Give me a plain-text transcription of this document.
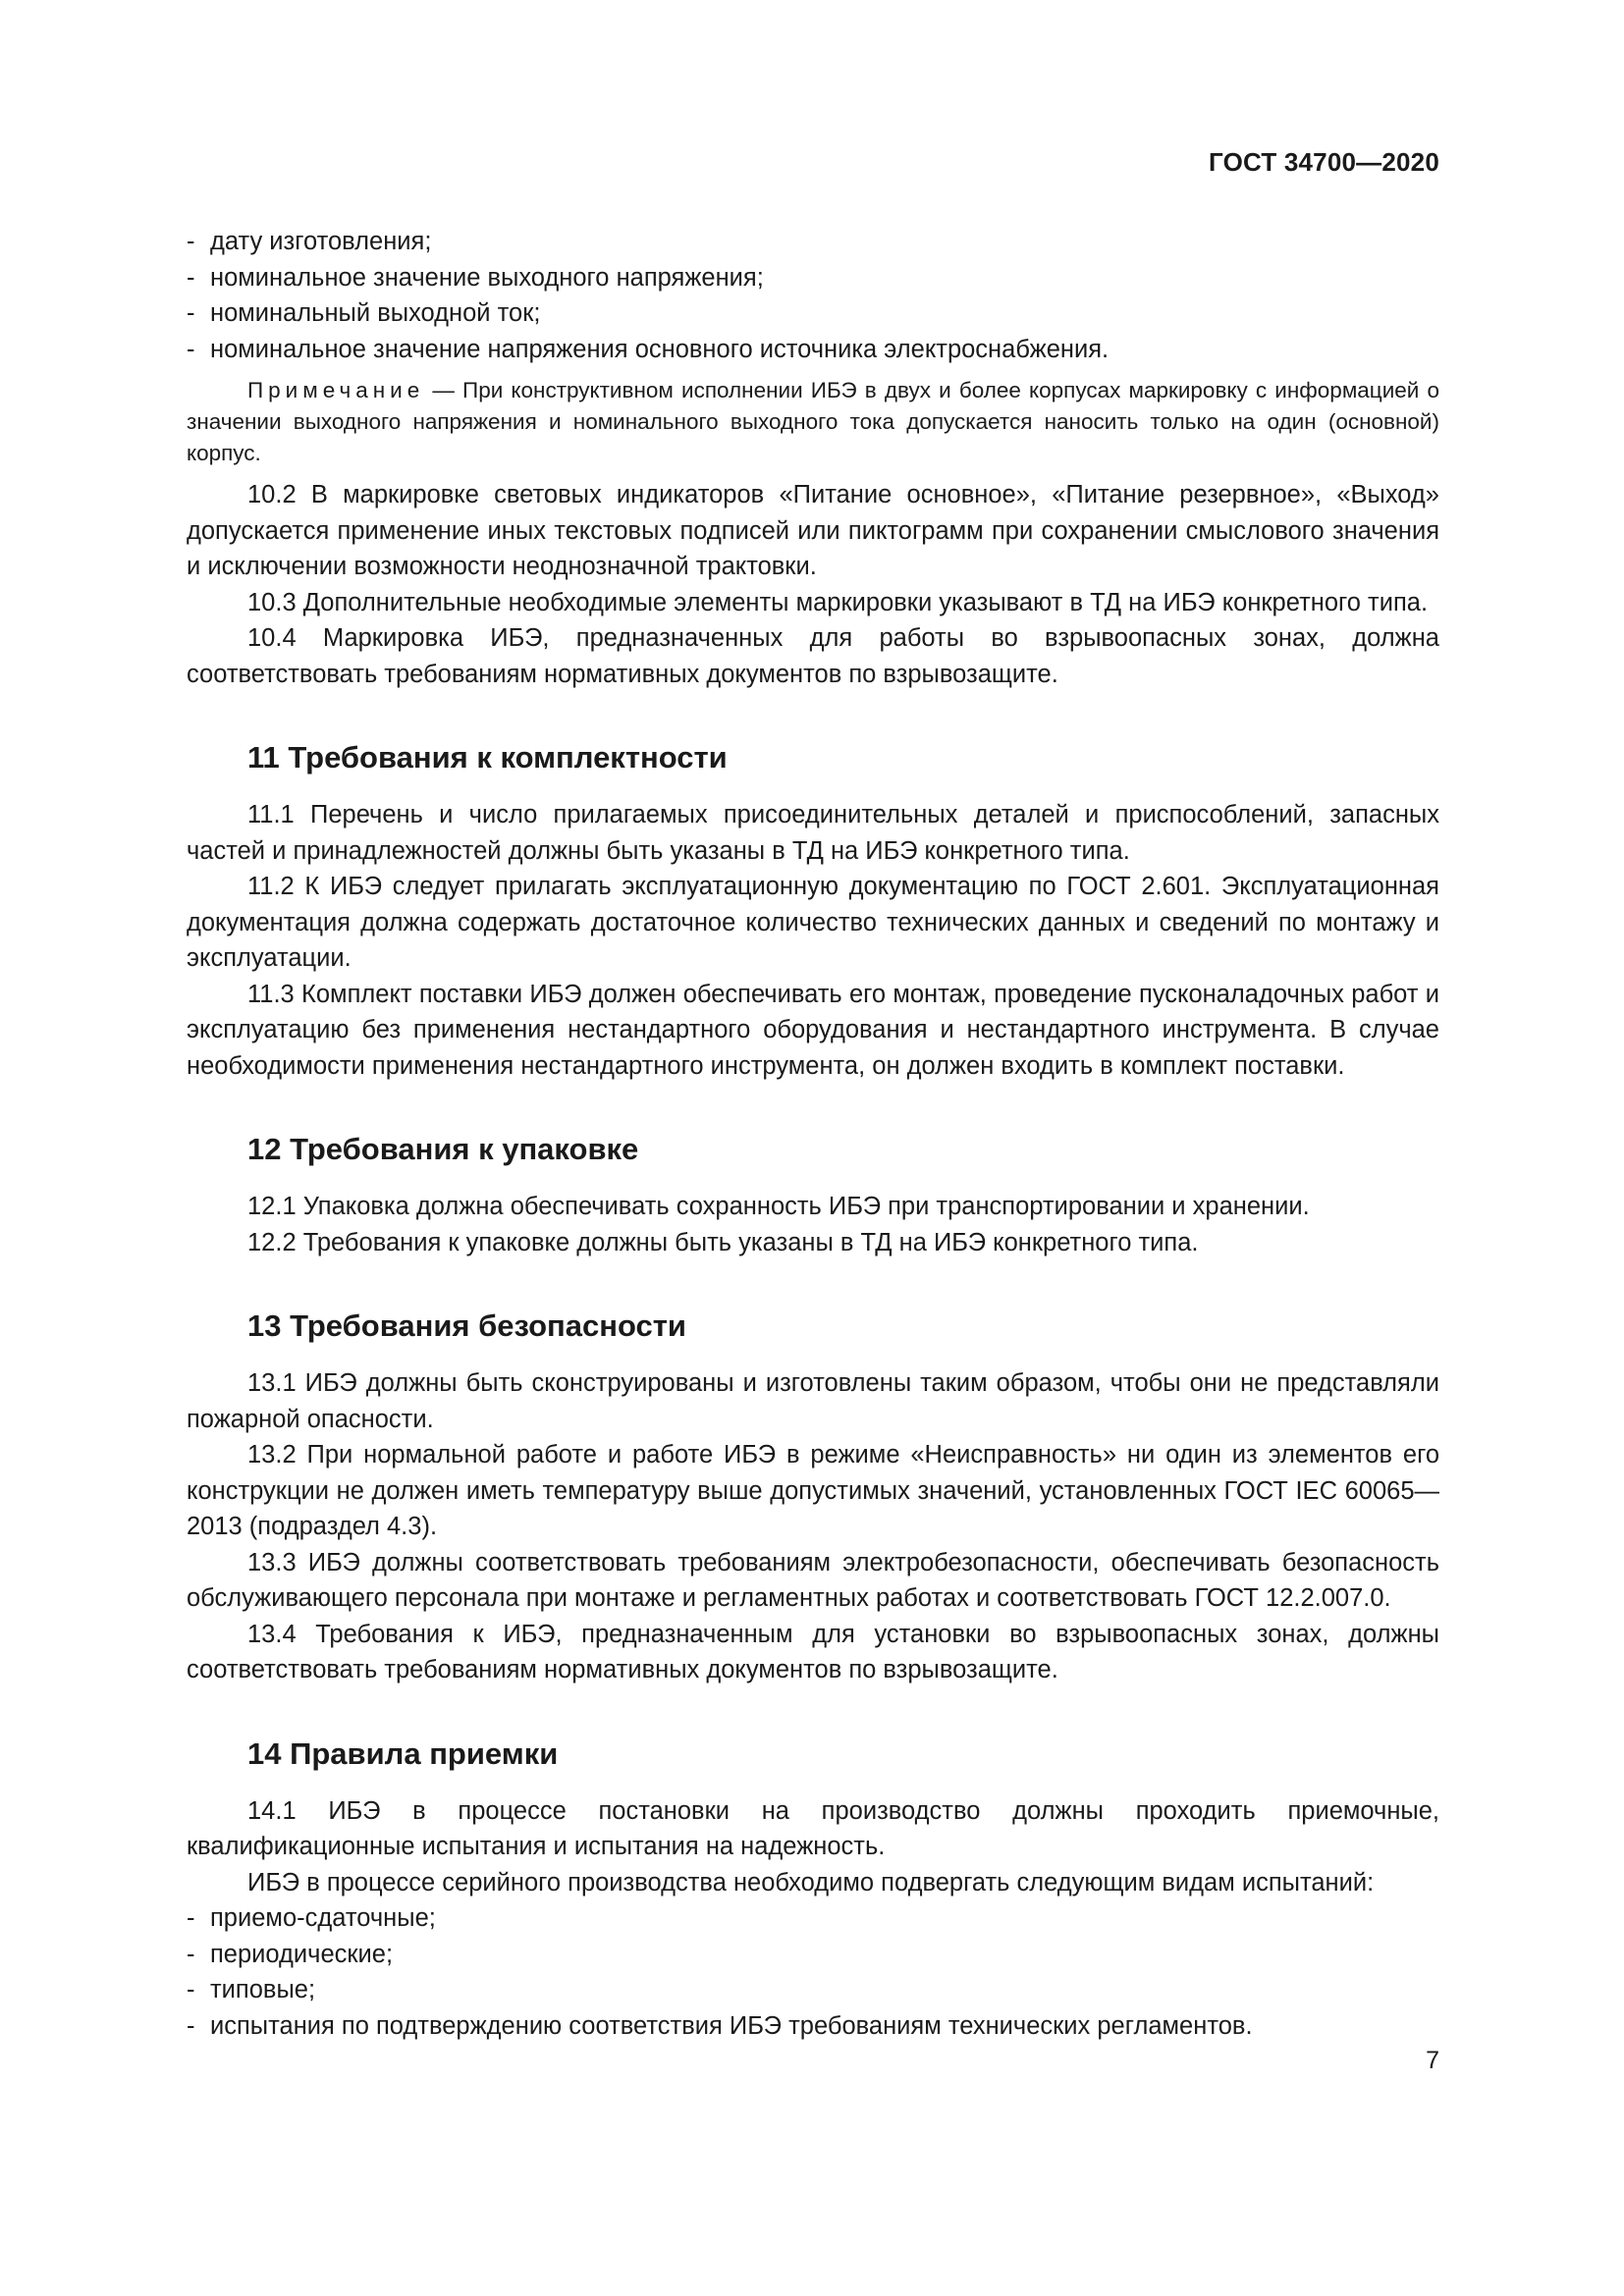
ГОСТ 34700—2020

- дату изготовления;

- номинальное значение выходного напряжения;

- номинальный выходной ток;

- номинальное значение напряжения основного источника электроснабжения.

Примечание — При конструктивном исполнении ИБЭ в двух и более корпусах маркировку с информацией о значении выходного напряжения и номинального выходного тока допускается наносить только на один (основной) корпус.

10.2 В маркировке световых индикаторов «Питание основное», «Питание резервное», «Выход» допускается применение иных текстовых подписей или пиктограмм при сохранении смыслового значения и исключении возможности неоднозначной трактовки.

10.3 Дополнительные необходимые элементы маркировки указывают в ТД на ИБЭ конкретного типа.

10.4 Маркировка ИБЭ, предназначенных для работы во взрывоопасных зонах, должна соответствовать требованиям нормативных документов по взрывозащите.

11 Требования к комплектности

11.1 Перечень и число прилагаемых присоединительных деталей и приспособлений, запасных частей и принадлежностей должны быть указаны в ТД на ИБЭ конкретного типа.

11.2 К ИБЭ следует прилагать эксплуатационную документацию по ГОСТ 2.601. Эксплуатационная документация должна содержать достаточное количество технических данных и сведений по монтажу и эксплуатации.

11.3 Комплект поставки ИБЭ должен обеспечивать его монтаж, проведение пусконаладочных работ и эксплуатацию без применения нестандартного оборудования и нестандартного инструмента. В случае необходимости применения нестандартного инструмента, он должен входить в комплект поставки.

12 Требования к упаковке

12.1 Упаковка должна обеспечивать сохранность ИБЭ при транспортировании и хранении.

12.2 Требования к упаковке должны быть указаны в ТД на ИБЭ конкретного типа.

13 Требования безопасности

13.1 ИБЭ должны быть сконструированы и изготовлены таким образом, чтобы они не представляли пожарной опасности.

13.2 При нормальной работе и работе ИБЭ в режиме «Неисправность» ни один из элементов его конструкции не должен иметь температуру выше допустимых значений, установленных ГОСТ IEC 60065—2013 (подраздел 4.3).

13.3 ИБЭ должны соответствовать требованиям электробезопасности, обеспечивать безопасность обслуживающего персонала при монтаже и регламентных работах и соответствовать ГОСТ 12.2.007.0.

13.4 Требования к ИБЭ, предназначенным для установки во взрывоопасных зонах, должны соответствовать требованиям нормативных документов по взрывозащите.

14 Правила приемки

14.1 ИБЭ в процессе постановки на производство должны проходить приемочные, квалификационные испытания и испытания на надежность.

ИБЭ в процессе серийного производства необходимо подвергать следующим видам испытаний:

- приемо-сдаточные;

- периодические;

- типовые;

- испытания по подтверждению соответствия ИБЭ требованиям технических регламентов.

7
